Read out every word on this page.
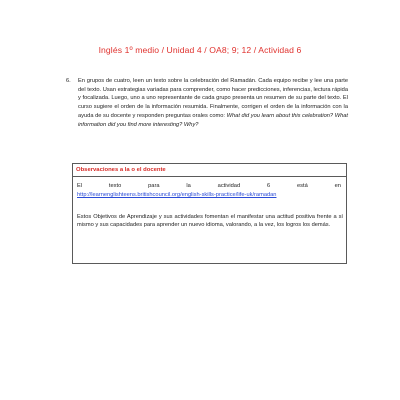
Inglés 1º medio / Unidad 4 / OA8; 9; 12 / Actividad 6
6. En grupos de cuatro, leen un texto sobre la celebración del Ramadán. Cada equipo recibe y lee una parte del texto. Usan estrategias variadas para comprender, como hacer predicciones, inferencias, lectura rápida y focalizada. Luego, uno a uno representante de cada grupo presenta un resumen de su parte del texto. El curso sugiere el orden de la información resumida. Finalmente, corrigen el orden de la información con la ayuda de su docente y responden preguntas orales como: What did you learn about this celebration? What information did you find more interesting? Why?
Observaciones a la o el docente
El	texto	para	la	actividad	6	está	en
http://learnenglishteens.britishcouncil.org/english-skills-practice/life-uk/ramadan
Estos Objetivos de Aprendizaje y sus actividades fomentan el manifestar una actitud positiva frente a sí mismo y sus capacidades para aprender un nuevo idioma, valorando, a la vez, los logros los demás.
